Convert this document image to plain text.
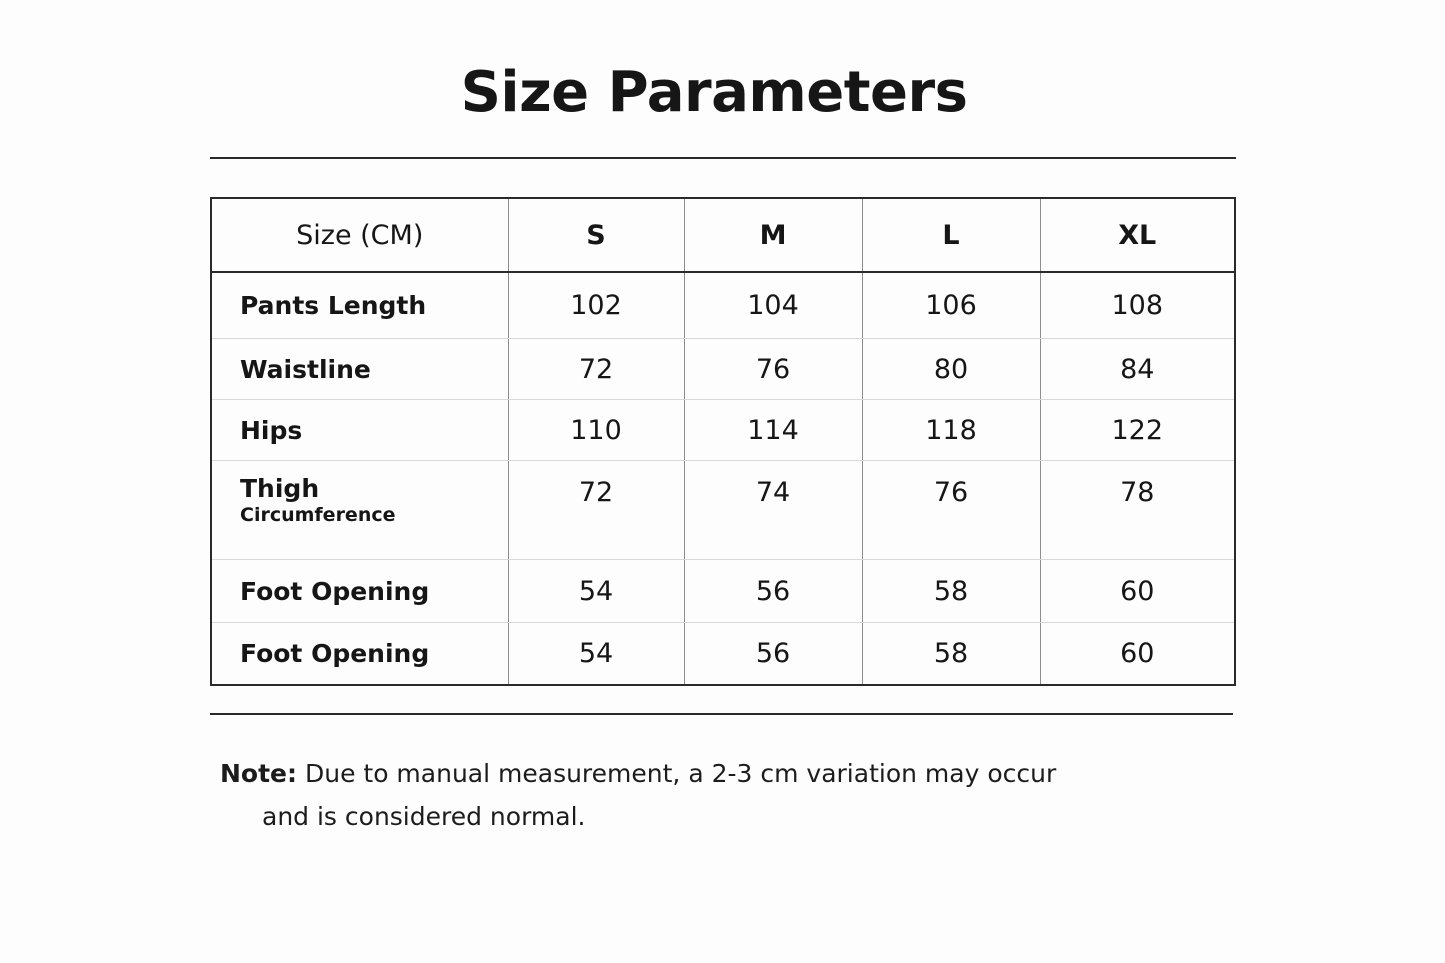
Size Parameters
Size (CM)	S	M	L	XL
Pants Length	102	104	106	108
Waistline	72	76	80	84
Hips	110	114	118	122
Thigh
Circumference	72	74	76	78
Foot Opening	54	56	58	60
Foot Opening	54	56	58	60
Note: Due to manual measurement, a 2-3 cm variation may occur
and is considered normal.
